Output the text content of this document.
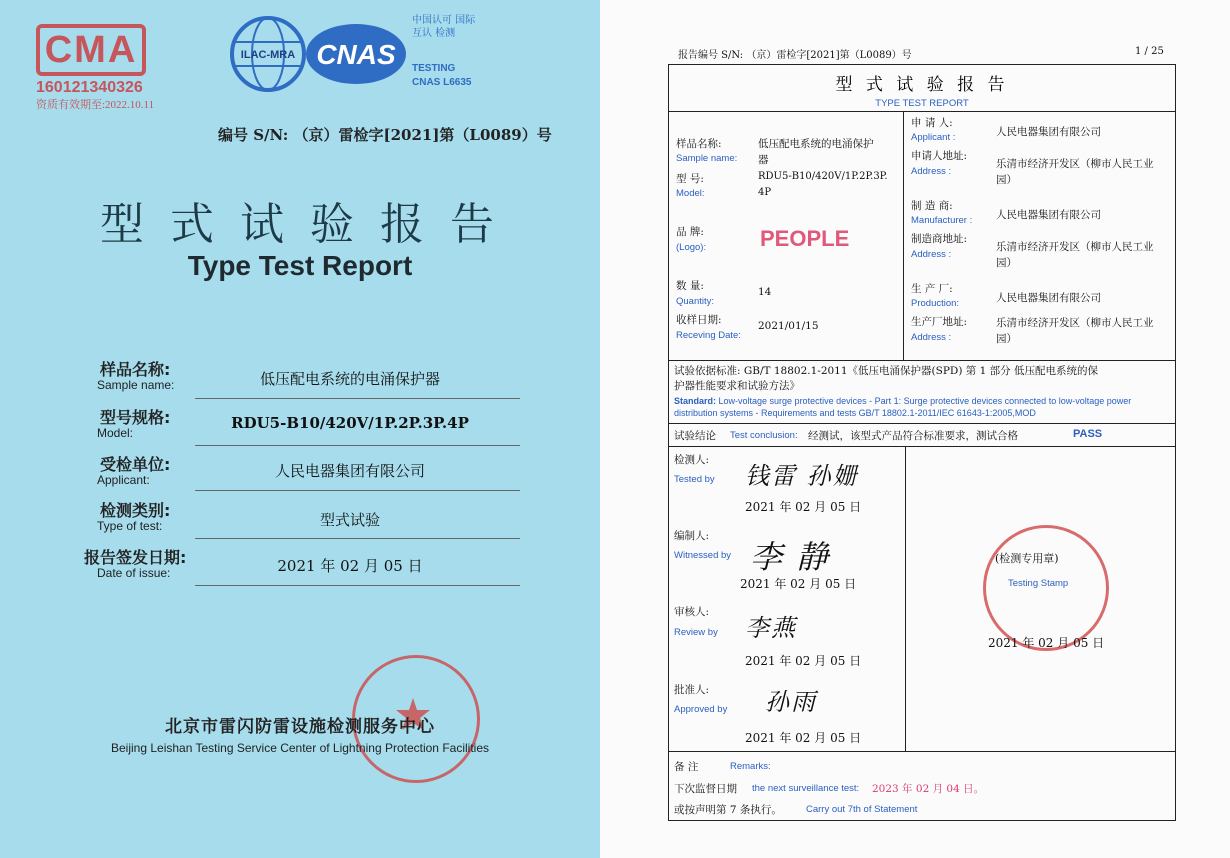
CMA
160121340326
资质有效期至:2022.10.11
ILAC-MRA CNAS
中国认可 国际互认 检测
TESTING
CNAS L6635
编号 S/N: （京）雷检字[2021]第（L0089）号
型 式 试 验 报 告
Type Test Report
样品名称:
Sample name:	低压配电系统的电涌保护器
型号规格:
Model:
RDU5-B10/420V/1P.2P.3P.4P
受检单位:
Applicant:	人民电器集团有限公司
检测类别:
Type of test:	型式试验
报告签发日期:
Date of issue:	2021 年 02 月 05 日
北京市雷闪防雷设施检测服务中心
Beijing Leishan Testing Service Center of Lightning Protection Facilities
报告编号 S/N: （京）雷检字[2021]第（L0089）号	1 / 25
型 式 试 验 报 告
TYPE TEST REPORT
样品名称:
Sample name:
低压配电系统的电涌保护
器
型 号:
Model:
RDU5-B10/420V/1P.2P.3P.
4P
品 牌:
(Logo): PEOPLE
数 量:
Quantity:
14
收样日期:
Receving Date:
2021/01/15
申 请 人:
Applicant :	人民电器集团有限公司
申请人地址:
Address :
乐清市经济开发区（柳市人民工业
园）
制 造 商:
Manufacturer : 人民电器集团有限公司
制造商地址:
Address :
乐清市经济开发区（柳市人民工业
园）
生 产 厂:
Production:	人民电器集团有限公司
生产厂地址:
Address :
乐清市经济开发区（柳市人民工业
园）
试验依据标准: GB/T 18802.1-2011《低压电涌保护器(SPD) 第 1 部分 低压配电系统的保
护器性能要求和试验方法》
Standard: Low-voltage surge protective devices - Part 1: Surge protective devices connected to low-voltage power
distribution systems - Requirements and tests GB/T 18802.1-2011/IEC 61643-1:2005,MOD
试验结论 Test conclusion: 经测试，该型式产品符合标准要求，测试合格	PASS
检测人:
Tested by 钱雷 孙姗
2021 年 02 月 05 日
编制人:
Witnessed by 李 静
2021 年 02 月 05 日
审核人:
Review by 李燕
2021 年 02 月 05 日
批准人:
Approved by 孙雨
2021 年 02 月 05 日
(检测专用章)
Testing Stamp
2021 年 02 月 05 日
备 注	Remarks:
下次监督日期 the next surveillance test: 2023 年 02 月 04 日。
或按声明第 7 条执行。	Carry out 7th of Statement
